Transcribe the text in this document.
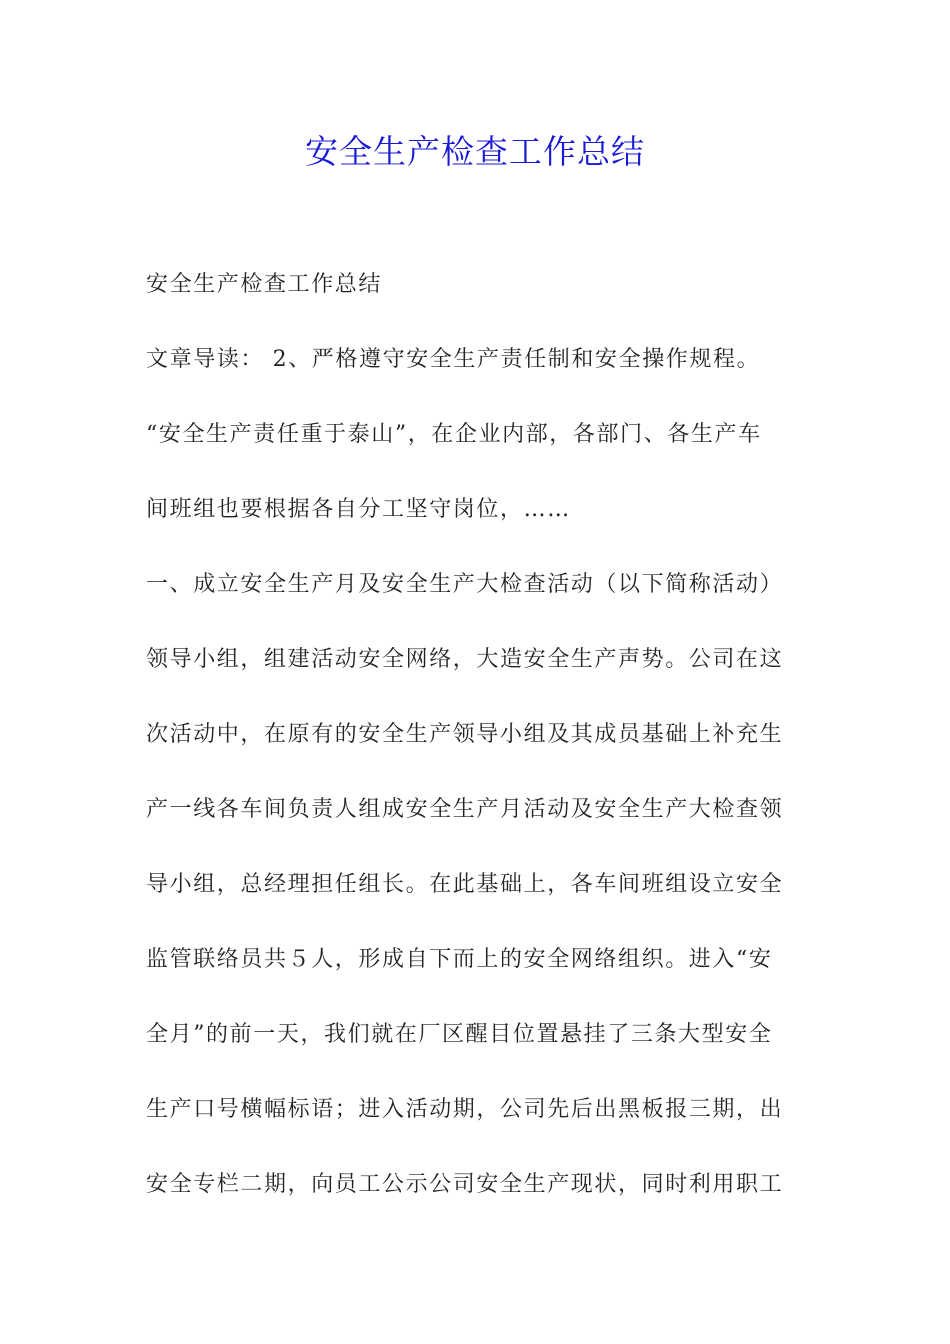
安全生产检查工作总结
安全生产检查工作总结
文章导读： 2、严格遵守安全生产责任制和安全操作规程。
“安全生产责任重于泰山”，在企业内部，各部门、各生产车
间班组也要根据各自分工坚守岗位，……
一、成立安全生产月及安全生产大检查活动（以下简称活动）
领导小组，组建活动安全网络，大造安全生产声势。公司在这
次活动中，在原有的安全生产领导小组及其成员基础上补充生
产一线各车间负责人组成安全生产月活动及安全生产大检查领
导小组，总经理担任组长。在此基础上，各车间班组设立安全
监管联络员共５人，形成自下而上的安全网络组织。进入“安
全月”的前一天，我们就在厂区醒目位置悬挂了三条大型安全
生产口号横幅标语；进入活动期，公司先后出黑板报三期，出
安全专栏二期，向员工公示公司安全生产现状，同时利用职工
